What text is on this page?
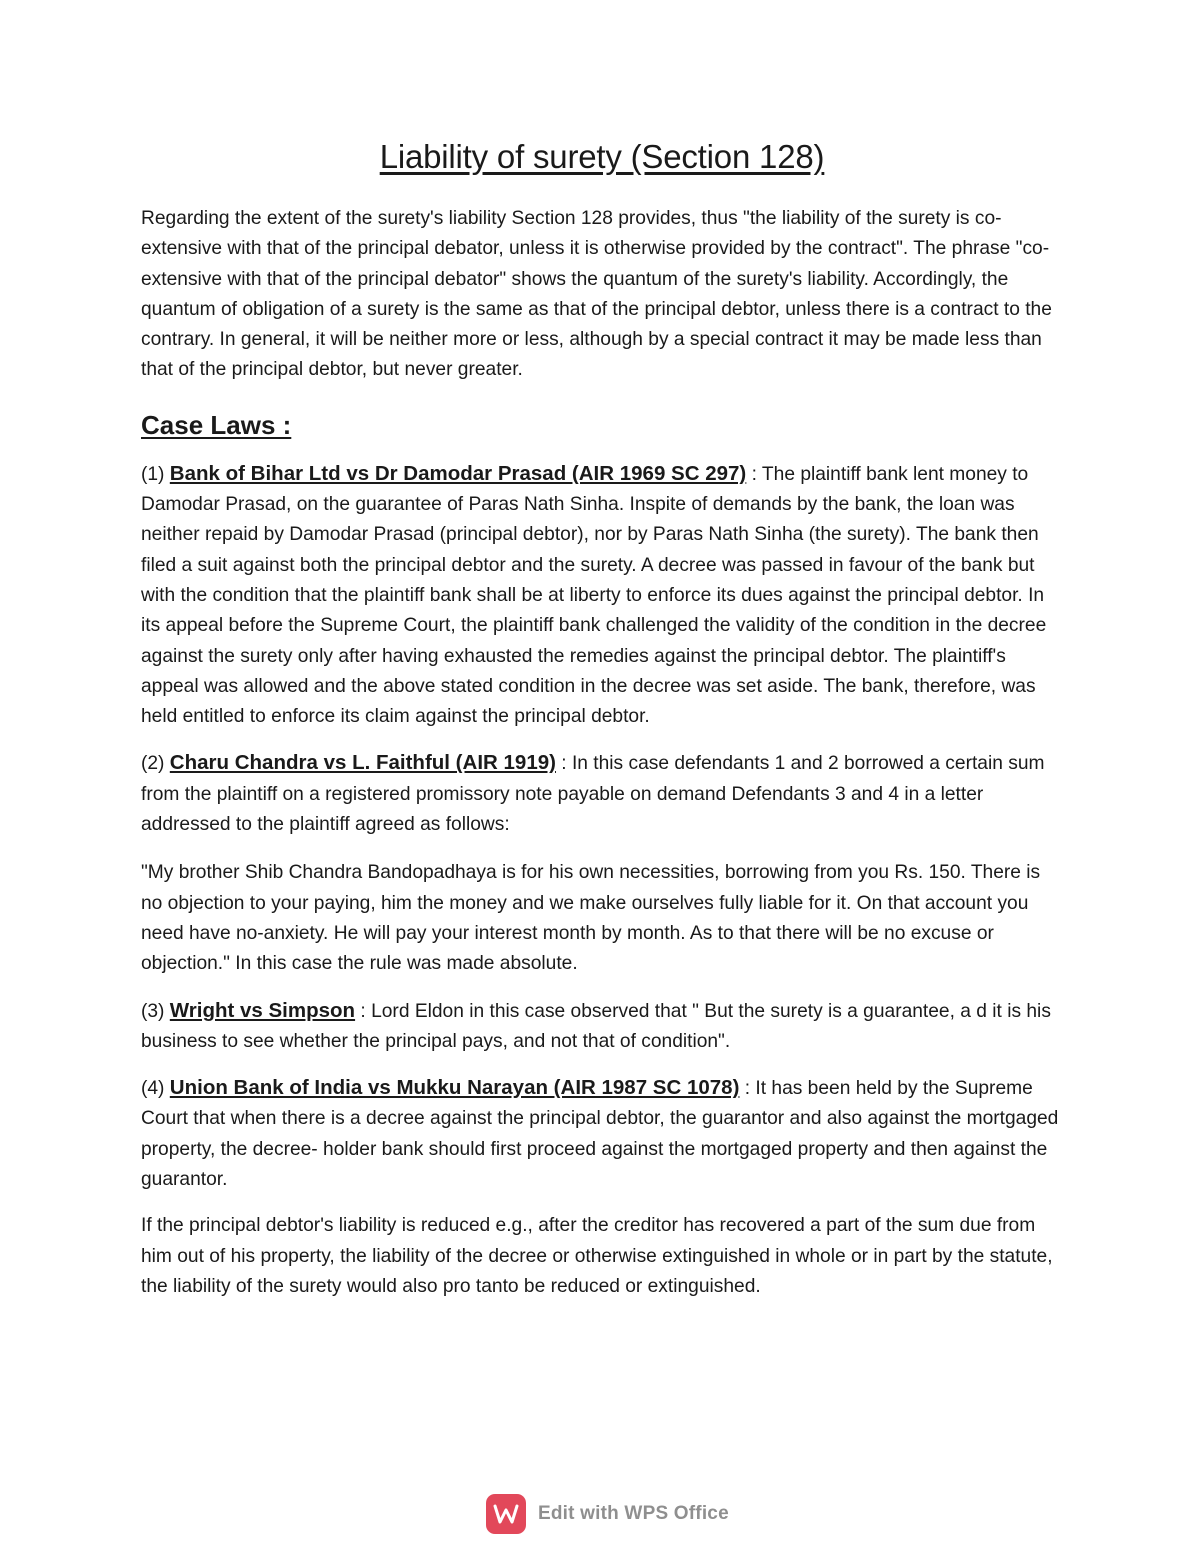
Liability of surety (Section 128)

Regarding the extent of the surety's liability Section 128 provides, thus "the liability of the surety is co- extensive with that of the principal debator, unless it is otherwise provided by the contract". The phrase "co- extensive with that of the principal debator" shows the quantum of the surety's liability. Accordingly, the quantum of obligation of a surety is the same as that of the principal debtor, unless there is a contract to the contrary. In general, it will be neither more or less, although by a special contract it may be made less than that of the principal debtor, but never greater.

Case Laws :

(1) Bank of Bihar Ltd vs Dr Damodar Prasad (AIR 1969 SC 297) : The plaintiff bank lent money to Damodar Prasad, on the guarantee of Paras Nath Sinha. Inspite of demands by the bank, the loan was neither repaid by Damodar Prasad (principal debtor), nor by Paras Nath Sinha (the surety). The bank then filed a suit against both the principal debtor and the surety. A decree was passed in favour of the bank but with the condition that the plaintiff bank shall be at liberty to enforce its dues against the principal debtor. In its appeal before the Supreme Court, the plaintiff bank challenged the validity of the condition in the decree against the surety only after having exhausted the remedies against the principal debtor. The plaintiff's appeal was allowed and the above stated condition in the decree was set aside. The bank, therefore, was held entitled to enforce its claim against the principal debtor.

(2) Charu Chandra vs L. Faithful (AIR 1919) : In this case defendants 1 and 2 borrowed a certain sum from the plaintiff on a registered promissory note payable on demand Defendants 3 and 4 in a letter addressed to the plaintiff agreed as follows:

"My brother Shib Chandra Bandopadhaya is for his own necessities, borrowing from you Rs. 150. There is no objection to your paying, him the money and we make ourselves fully liable for it. On that account you need have no-anxiety. He will pay your interest month by month. As to that there will be no excuse or objection." In this case the rule was made absolute.

(3) Wright vs Simpson : Lord Eldon in this case observed that " But the surety is a guarantee, a d it is his business to see whether the principal pays, and not that of condition".

(4) Union Bank of India vs Mukku Narayan (AIR 1987 SC 1078) : It has been held by the Supreme Court that when there is a decree against the principal debtor, the guarantor and also against the mortgaged property, the decree- holder bank should first proceed against the mortgaged property and then against the guarantor.

If the principal debtor's liability is reduced e.g., after the creditor has recovered a part of the sum due from him out of his property, the liability of the decree or otherwise extinguished in whole or in part by the statute, the liability of the surety would also pro tanto be reduced or extinguished.

Edit with WPS Office
